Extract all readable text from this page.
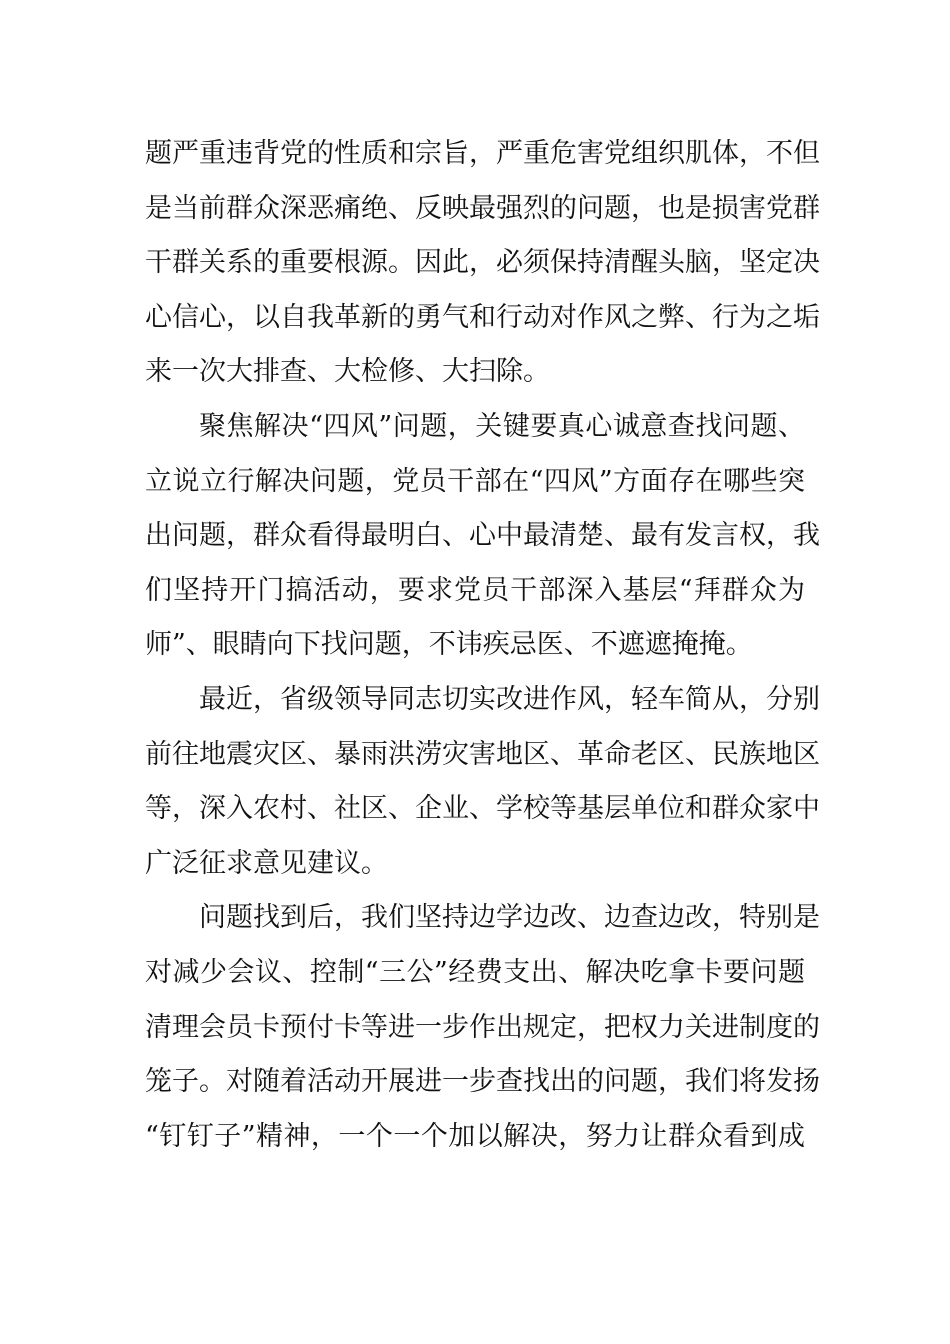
题严重违背党的性质和宗旨，严重危害党组织肌体，不但
是当前群众深恶痛绝、反映最强烈的问题，也是损害党群
干群关系的重要根源。因此，必须保持清醒头脑，坚定决
心信心，以自我革新的勇气和行动对作风之弊、行为之垢
来一次大排查、大检修、大扫除。
聚焦解决“四风”问题，关键要真心诚意查找问题、
立说立行解决问题，党员干部在“四风”方面存在哪些突
出问题，群众看得最明白、心中最清楚、最有发言权，我
们坚持开门搞活动，要求党员干部深入基层“拜群众为
师”、眼睛向下找问题，不讳疾忌医、不遮遮掩掩。
最近，省级领导同志切实改进作风，轻车简从，分别
前往地震灾区、暴雨洪涝灾害地区、革命老区、民族地区
等，深入农村、社区、企业、学校等基层单位和群众家中
广泛征求意见建议。
问题找到后，我们坚持边学边改、边查边改，特别是
对减少会议、控制“三公”经费支出、解决吃拿卡要问题
清理会员卡预付卡等进一步作出规定，把权力关进制度的
笼子。对随着活动开展进一步查找出的问题，我们将发扬
“钉钉子”精神，一个一个加以解决，努力让群众看到成
